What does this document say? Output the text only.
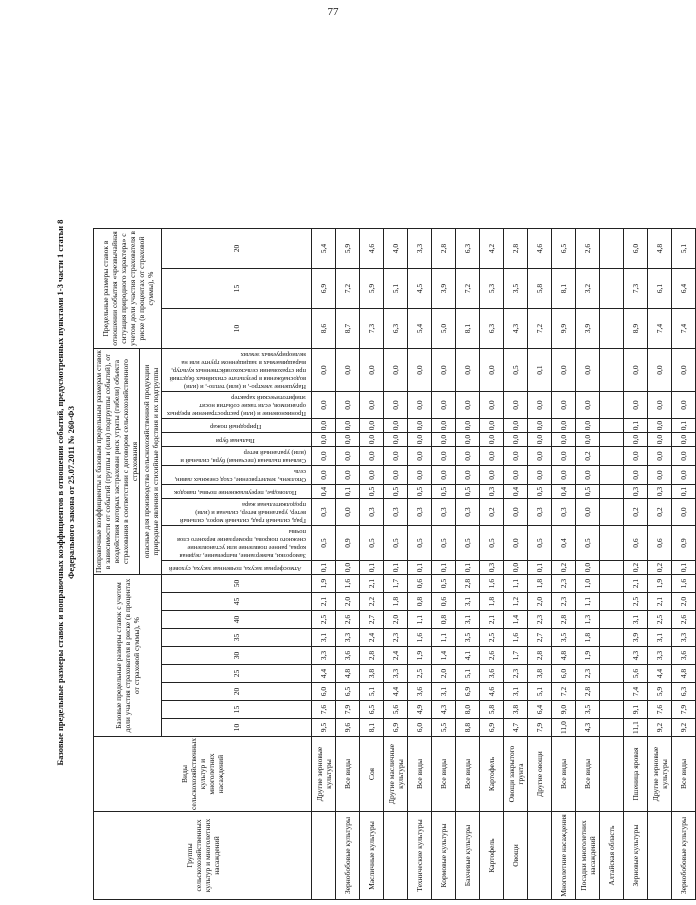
77
Базовые предельные размеры ставок и поправочных коэффициентов в отношении событий, предусмотренных пунктами 1-3 части 1 статьи 8 Федерального закона от 25.07.2011 № 260-ФЗ
Группы сельскохозяйственных культур и многолетних насаждений	Виды сельскохозяйственных культур и многолетних насаждений	Базовые предельные размеры ставок с учетом доли участия страхователя в риске (в процентах от страховой суммы), %									Поправочные коэффициенты к базовым предельным размерам ставок в зависимости от событий (группы и (или) подгруппы событий), от воздействия которых застрахован риск утраты (гибели) объекта страхования в соответствии с договором сельскохозяйственного страхования										Предельные размеры ставок в отношении события «чрезвычайная ситуация природного характера» с учетом доли участия страхователя в риске (в процентах от страховой суммы), %		
											опасные для производства сельскохозяйственной продукции природные явления и стихийные бедствия и их подгруппы												
		10	15	20	25	30	35	40	45	50	Атмосферная засуха, почвенная засуха, суховей	Заморозки, вымерзание, выпревание, ледяная корка, раннее появление или установление снежного покрова, промерзание верхнего слоя почвы	Град, сильный град, сильный мороз, сильный ветер, ураганный ветер, сильная и (или) продолжительная жара	Половодье, переувлажнение почвы, паводок	Оползень, землетрясение, сход снежных лавин, сель	Сильная пыльная (песчаная) буря, сильный и (или) ураганный ветер	Пыльная буря	Природный пожар	Проникновение и (или) распространение вредных организмов, если такие события носят эпифитотический характер	Нарушение электро-, и (или) тепло-, и (или) водоснабжения в результате стихийных бедствий при страховании сельскохозяйственных культур, выращиваемых в защищенном грунте или на мелиорируемых землях	10	15	20
	Другие зерновые культуры	9,5	7,6	6,0	4,4	3,3	3,1	2,5	2,1	1,9	0,1	0,5	0,3	0,4	0,0	0,0	0,0	0,0	0,0	0,0	8,6	6,9	5,4
Зернобобовые культуры	Все виды	9,6	7,9	6,5	4,8	3,6	3,3	2,6	2,0	1,6	0,0	0,9	0,0	0,1	0,0	0,0	0,0	0,0	0,0	0,0	8,7	7,2	5,9
Масличные культуры	Соя	8,1	6,5	5,1	3,8	2,8	2,4	2,7	2,2	2,1	0,1	0,5	0,3	0,5	0,0	0,0	0,0	0,0	0,0	0,0	7,3	5,9	4,6
	Другие масличные культуры	6,9	5,6	4,4	3,3	2,4	2,3	2,0	1,8	1,7	0,1	0,5	0,3	0,5	0,0	0,0	0,0	0,0	0,0	0,0	6,3	5,1	4,0
Технические культуры	Все виды	6,0	4,9	3,6	2,5	1,9	1,6	1,1	0,8	0,6	0,1	0,5	0,3	0,5	0,0	0,0	0,0	0,0	0,0	0,0	5,4	4,5	3,3
Кормовые культуры	Все виды	5,5	4,3	3,1	2,0	1,4	1,1	0,8	0,6	0,5	0,1	0,5	0,3	0,5	0,0	0,0	0,0	0,0	0,0	0,0	5,0	3,9	2,8
Бахчевые культуры	Все виды	8,8	8,0	6,9	5,1	4,1	3,5	3,1	3,1	2,8	0,1	0,5	0,3	0,5	0,0	0,0	0,0	0,0	0,0	0,0	8,1	7,2	6,3
Картофель	Картофель	6,9	5,8	4,6	3,6	2,6	2,5	2,1	1,8	1,6	0,3	0,5	0,2	0,3	0,0	0,0	0,0	0,0	0,0	0,0	6,3	5,3	4,2
Овощи	Овощи закрытого грунта	4,7	3,8	3,1	2,3	1,7	1,6	1,4	1,2	1,1	0,0	0,0	0,0	0,4	0,0	0,0	0,0	0,0	0,0	0,5	4,3	3,5	2,8
	Другие овощи	7,9	6,4	5,1	3,8	2,8	2,7	2,3	2,0	1,8	0,1	0,5	0,3	0,5	0,0	0,0	0,0	0,0	0,0	0,1	7,2	5,8	4,6
Многолетние насаждения	Все виды	11,0	9,0	7,2	6,0	4,8	3,5	2,8	2,3	2,3	0,2	0,4	0,3	0,4	0,0	0,0	0,0	0,0	0,0	0,0	9,9	8,1	6,5
Посадки многолетних насаждений	Все виды	4,3	3,5	2,8	2,3	1,9	1,8	1,3	1,1	1,0	0,0	0,5	0,0	0,5	0,0	0,2	0,0	0,0	0,0	0,0	3,9	3,2	2,6
Алтайская область																							
Зерновые культуры	Пшеница яровая	11,1	9,1	7,4	5,6	4,3	3,9	3,1	2,5	2,1	0,2	0,6	0,2	0,3	0,0	0,0	0,0	0,1	0,0	0,0	8,9	7,3	6,0
	Другие зерновые культуры	9,2	7,6	5,9	4,4	3,3	3,1	2,5	2,1	1,9	0,2	0,6	0,2	0,3	0,0	0,0	0,0	0,0	0,0	0,0	7,4	6,1	4,8
Зернобобовые культуры	Все виды	9,2	7,9	6,3	4,8	3,6	3,3	2,6	2,0	1,6	0,1	0,9	0,0	0,1	0,0	0,0	0,0	0,1	0,0	0,0	7,4	6,4	5,1
